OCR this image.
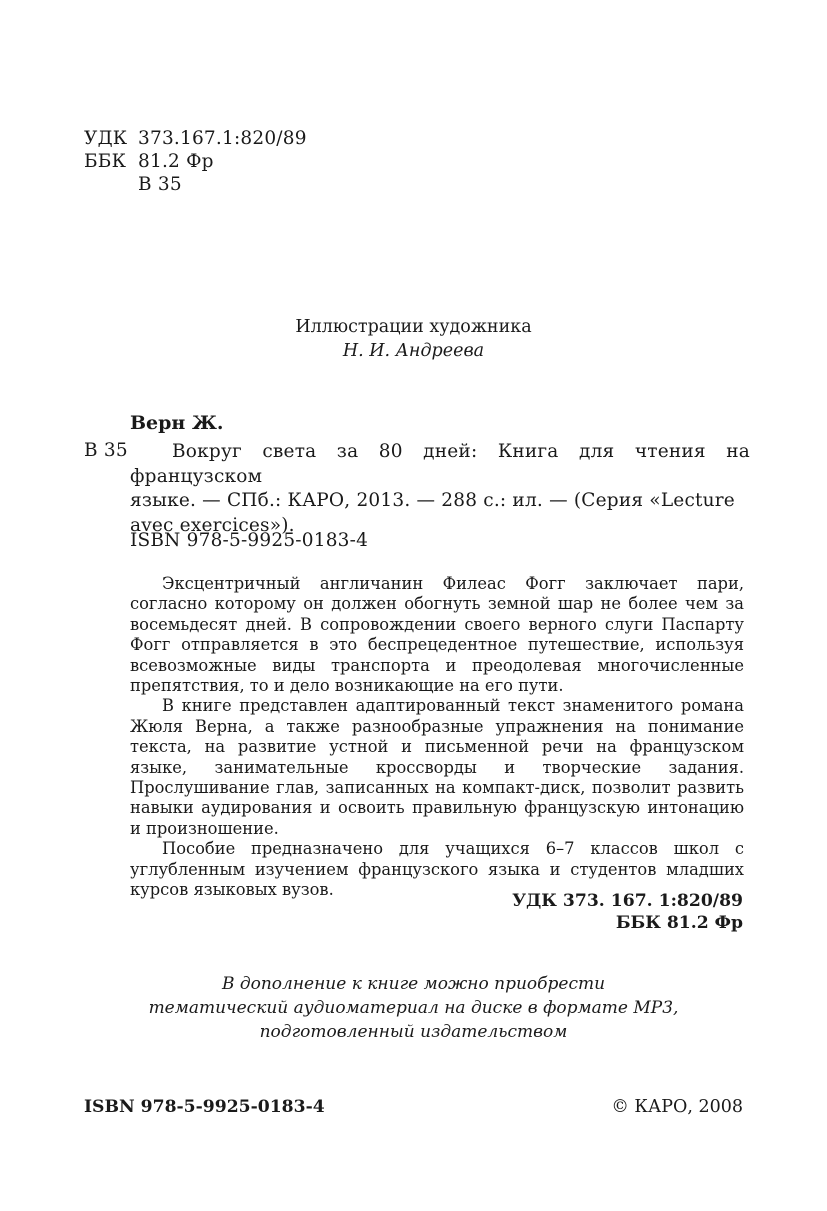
УДК 373.167.1:820/89
ББК 81.2 Фр
В 35
Иллюстрации художника
Н. И. Андреева
Верн Ж.
В 35	Вокруг света за 80 дней: Книга для чтения на французском
языке. — СПб.: КАРО, 2013. — 288 с.: ил. — (Серия «Lecture
avec exercices»).
ISBN 978-5-9925-0183-4

Эксцентричный англичанин Филеас Фогг заключает пари, согласно которому он должен обогнуть земной шар не более чем за восемьдесят дней. В сопровождении своего верного слуги Паспарту Фогг отправляется в это беспрецедентное путешествие, используя всевозможные виды транспорта и преодолевая многочисленные препятствия, то и дело возникающие на его пути.

В книге представлен адаптированный текст знаменитого романа Жюля Верна, а также разнообразные упражнения на понимание текста, на развитие устной и письменной речи на французском языке, занимательные кроссворды и творческие задания. Прослушивание глав, записанных на компакт-диск, позволит развить навыки аудирования и освоить правильную французскую интонацию и произношение.

Пособие предназначено для учащихся 6–7 классов школ с углубленным изучением французского языка и студентов младших курсов языковых вузов.

УДК 373. 167. 1:820/89
ББК 81.2 Фр
В дополнение к книге можно приобрести
тематический аудиоматериал на диске в формате MP3,
подготовленный издательством
ISBN 978-5-9925-0183-4	© КАРО, 2008
